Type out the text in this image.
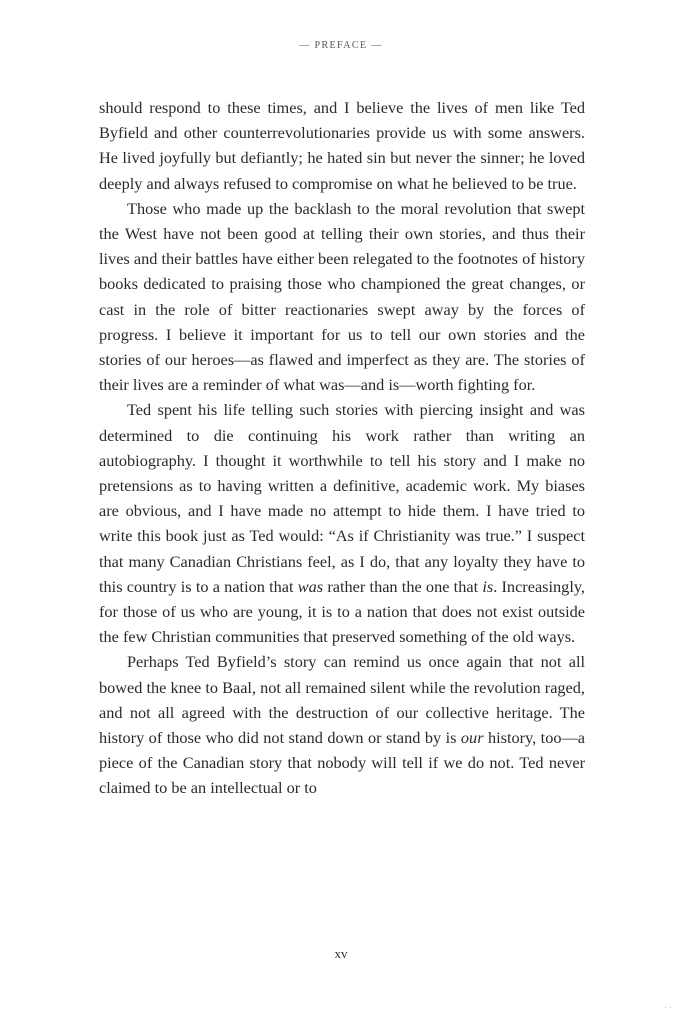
— PREFACE —

should respond to these times, and I believe the lives of men like Ted Byfield and other counterrevolutionaries provide us with some answers. He lived joyfully but defiantly; he hated sin but never the sinner; he loved deeply and always refused to compromise on what he believed to be true.

Those who made up the backlash to the moral revolution that swept the West have not been good at telling their own stories, and thus their lives and their battles have either been relegated to the footnotes of history books dedicated to praising those who championed the great changes, or cast in the role of bitter reactionaries swept away by the forces of progress. I believe it important for us to tell our own stories and the stories of our heroes—as flawed and imperfect as they are. The stories of their lives are a reminder of what was—and is—worth fighting for.

Ted spent his life telling such stories with piercing insight and was determined to die continuing his work rather than writing an autobiography. I thought it worthwhile to tell his story and I make no pretensions as to having written a definitive, academic work. My biases are obvious, and I have made no attempt to hide them. I have tried to write this book just as Ted would: “As if Christianity was true.” I suspect that many Canadian Christians feel, as I do, that any loyalty they have to this country is to a nation that was rather than the one that is. Increasingly, for those of us who are young, it is to a nation that does not exist outside the few Christian communities that preserved something of the old ways.

Perhaps Ted Byfield’s story can remind us once again that not all bowed the knee to Baal, not all remained silent while the revolution raged, and not all agreed with the destruction of our collective heritage. The history of those who did not stand down or stand by is our history, too—a piece of the Canadian story that nobody will tell if we do not. Ted never claimed to be an intellectual or to

xv
· ·
